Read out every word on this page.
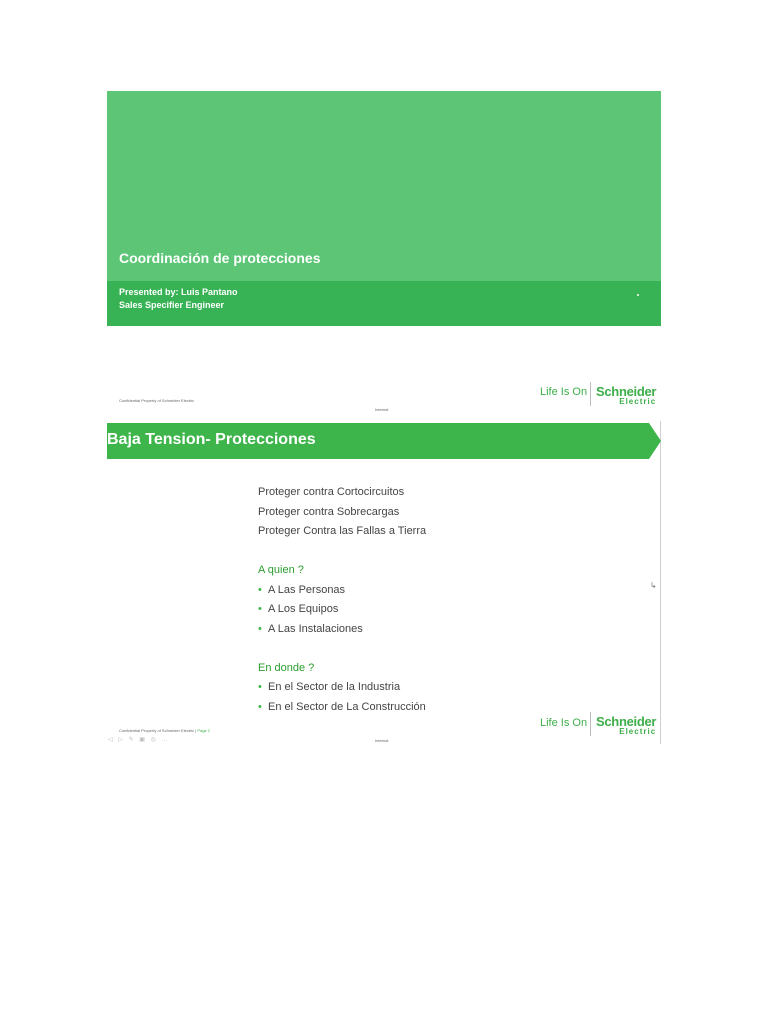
Coordinación de protecciones
Presented by: Luis Pantano
Sales Specifier Engineer
Confidential Property of Schneider Electric
Internal
Life Is On Schneider
Electric
Baja Tension- Protecciones
Proteger contra Cortocircuitos
Proteger contra Sobrecargas
Proteger Contra las Fallas a Tierra
A quien ?
• A Las Personas
• A Los Equipos
• A Las Instalaciones
En donde ?
• En el Sector de la Industria
• En el Sector de La Construcción
↳
Confidential Property of Schneider Electric | Page 2
◁ ▷ ✎ ▣ ◎ …	Internal
Life Is On Schneider
Electric
